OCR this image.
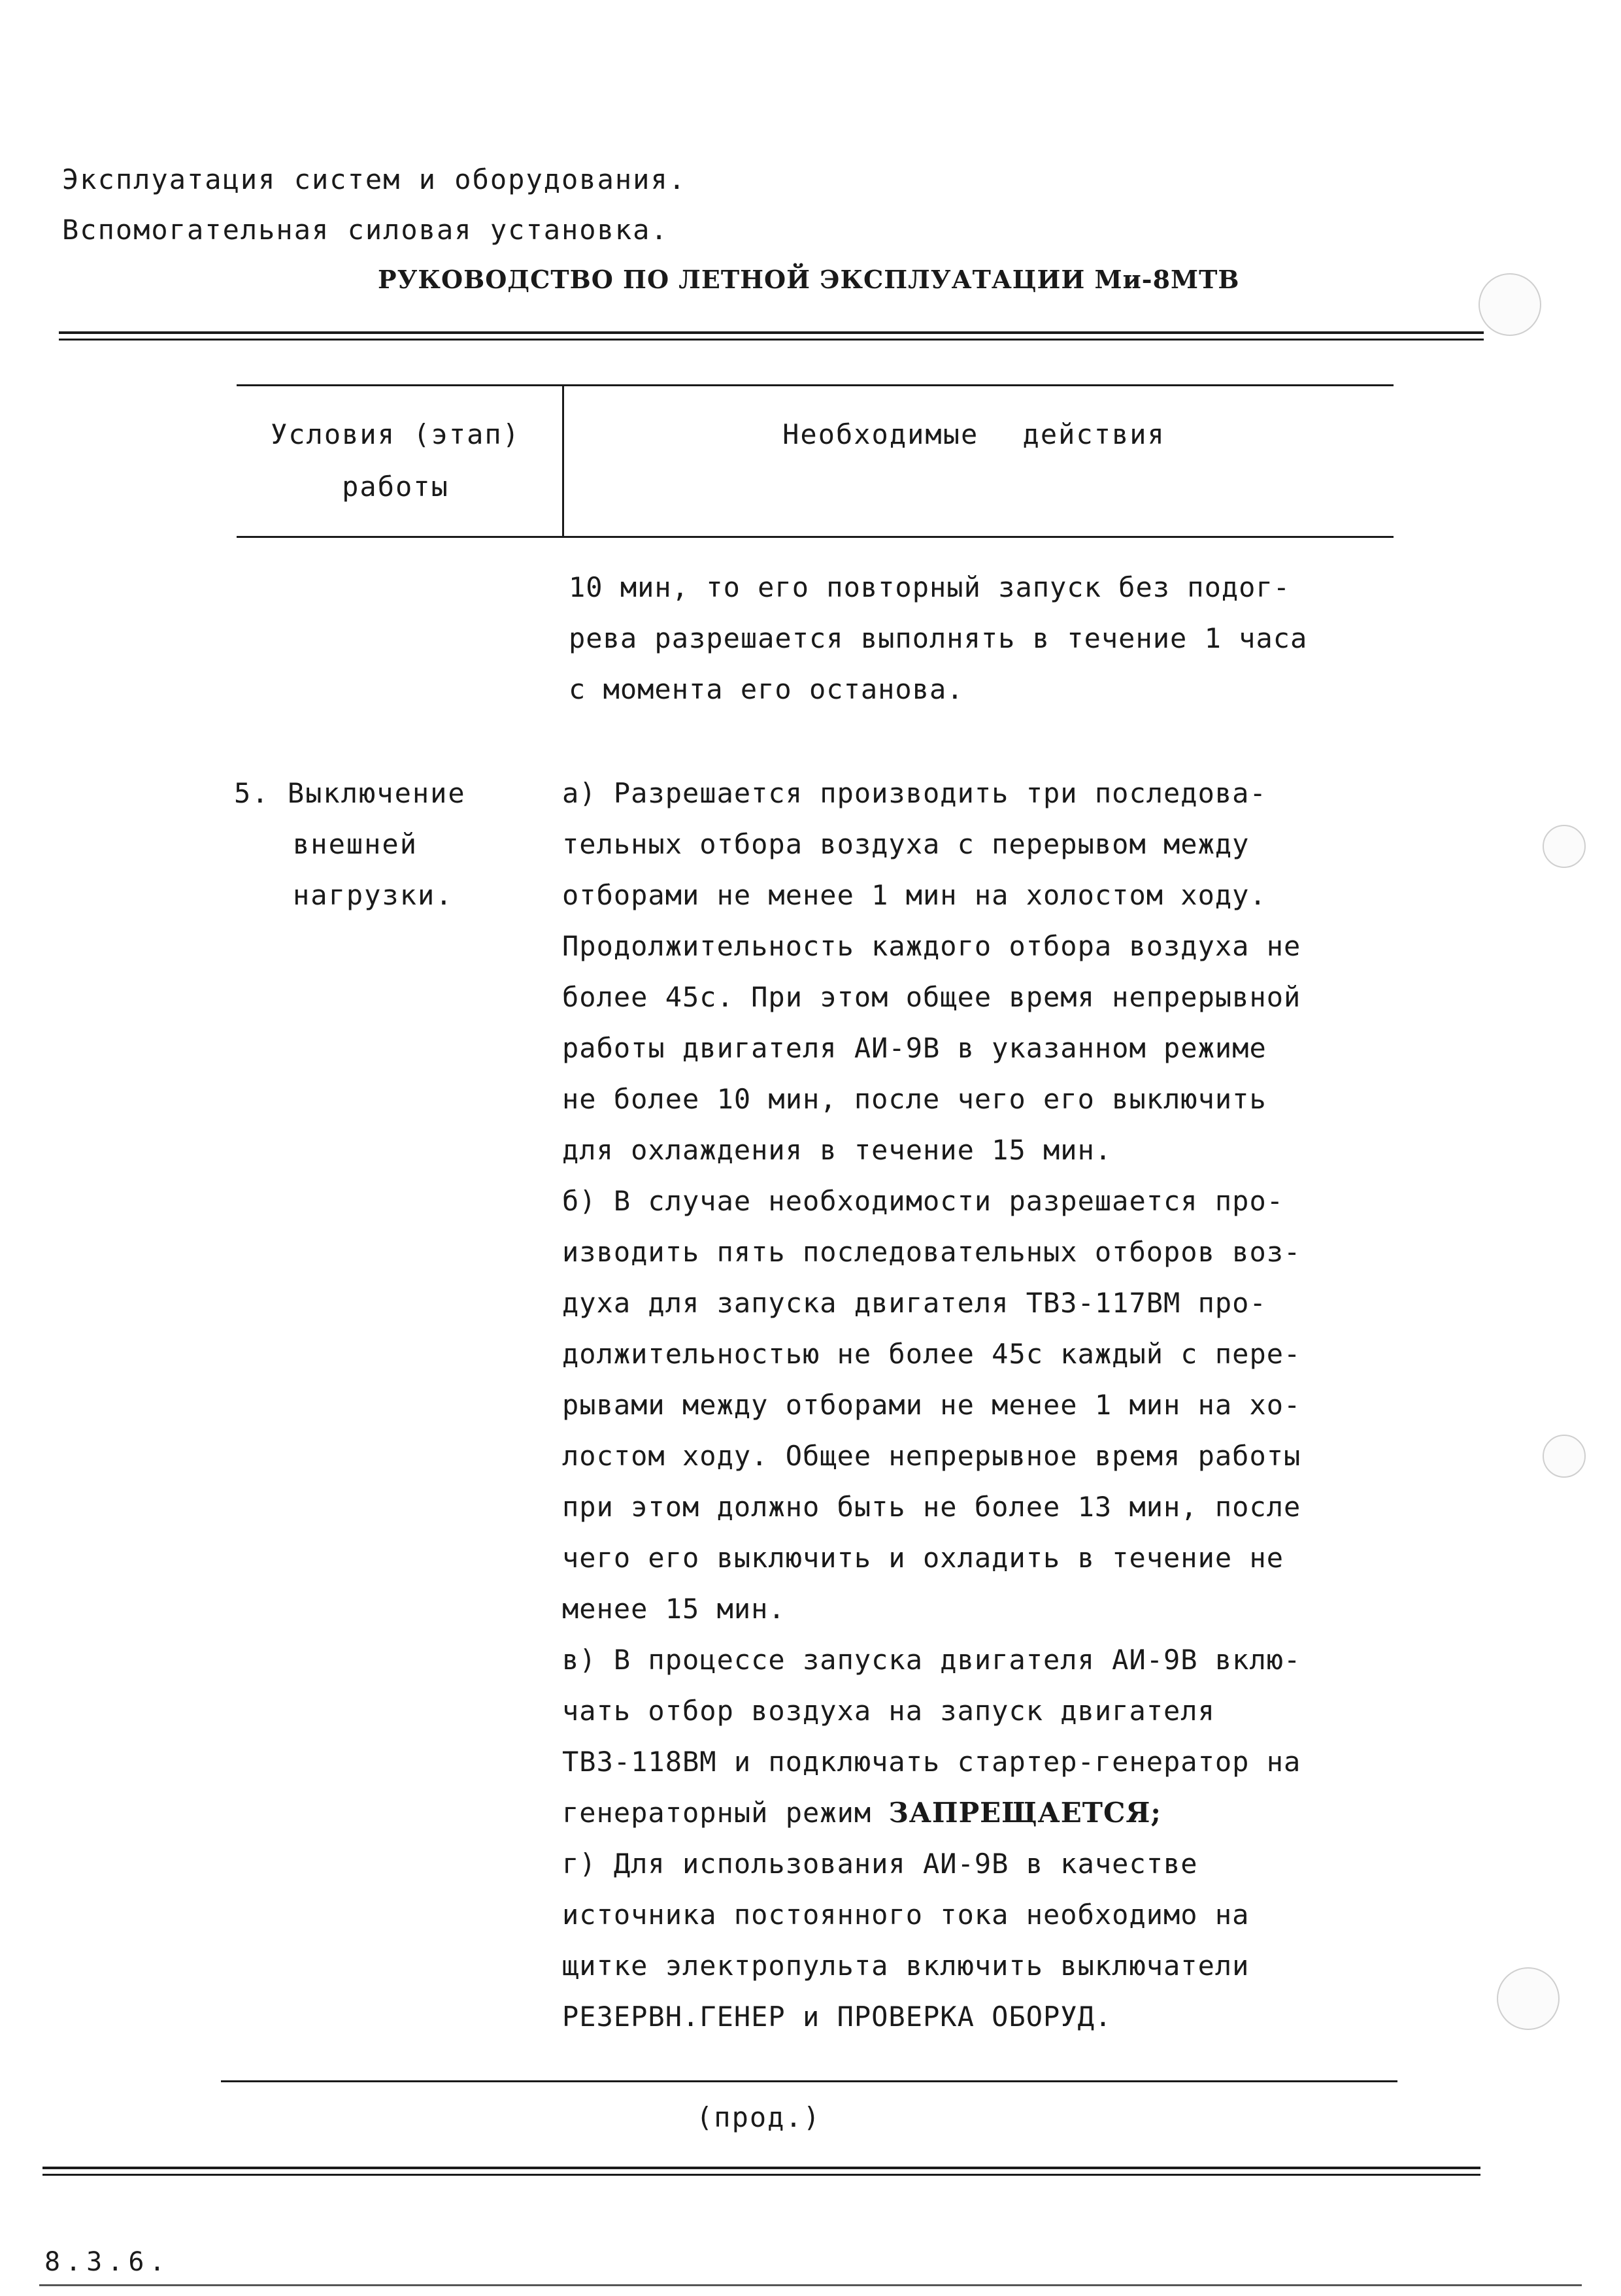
Эксплуатация систем и оборудования.
Вспомогательная силовая установка.
РУКОВОДСТВО ПО ЛЕТНОЙ ЭКСПЛУАТАЦИИ Ми-8МТВ
Условия (этап)
работы
Необходимые действия
10 мин, то его повторный запуск без подог-
рева разрешается выполнять в течение 1 часа
с момента его останова.
5. Выключение
внешней
нагрузки.
а) Разрешается производить три последова-
тельных отбора воздуха с перерывом между
отборами не менее 1 мин на холостом ходу.
Продолжительность каждого отбора воздуха не
более 45с. При этом общее время непрерывной
работы двигателя АИ-9В в указанном режиме
не более 10 мин, после чего его выключить
для охлаждения в течение 15 мин.
б) В случае необходимости разрешается про-
изводить пять последовательных отборов воз-
духа для запуска двигателя ТВЗ-117ВМ про-
должительностью не более 45с каждый с пере-
рывами между отборами не менее 1 мин на хо-
лостом ходу. Общее непрерывное время работы
при этом должно быть не более 13 мин, после
чего его выключить и охладить в течение не
менее 15 мин.
в) В процессе запуска двигателя АИ-9В вклю-
чать отбор воздуха на запуск двигателя
ТВЗ-118ВМ и подключать стартер-генератор на
генераторный режим ЗАПРЕЩАЕТСЯ;
г) Для использования АИ-9В в качестве
источника постоянного тока необходимо на
щитке электропульта включить выключатели
РЕЗЕРВН.ГЕНЕР и ПРОВЕРКА ОБОРУД.
(прод.)
8.3.6.
